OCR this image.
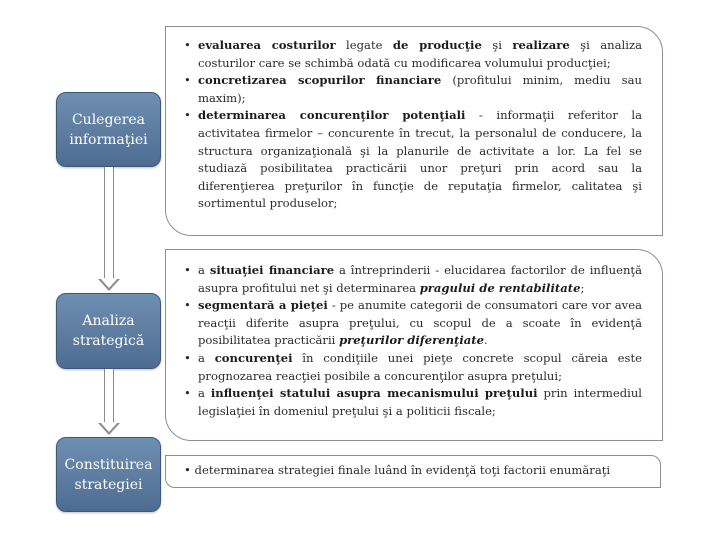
Culegerea informaţiei
Analiza strategică
Constituirea strategiei
• evaluarea costurilor legate de producţie şi realizare şi analiza costurilor care se schimbă odată cu modificarea volumului producţiei;
• concretizarea scopurilor financiare (profitului minim, mediu sau maxim);
• determinarea concurenţilor potenţiali - informaţii referitor la activitatea firmelor – concurente în trecut, la personalul de conducere, la structura organizaţională şi la planurile de activitate a lor. La fel se studiază posibilitatea practicării unor preţuri prin acord sau la diferenţierea preţurilor în funcţie de reputaţia firmelor, calitatea şi sortimentul produselor;
• a situaţiei financiare a întreprinderii - elucidarea factorilor de influenţă asupra profitului net şi determinarea pragului de rentabilitate;
• segmentară a pieţei - pe anumite categorii de consumatori care vor avea reacţii diferite asupra preţului, cu scopul de a scoate în evidenţă posibilitatea practicării preţurilor diferenţiate.
• a concurenţei în condiţiile unei pieţe concrete scopul căreia este prognozarea reacţiei posibile a concurenţilor asupra preţului;
• a influenţei statului asupra mecanismului preţului prin intermediul legislaţiei în domeniul preţului şi a politicii fiscale;
• determinarea strategiei finale luând în evidenţă toţi factorii enumăraţi
